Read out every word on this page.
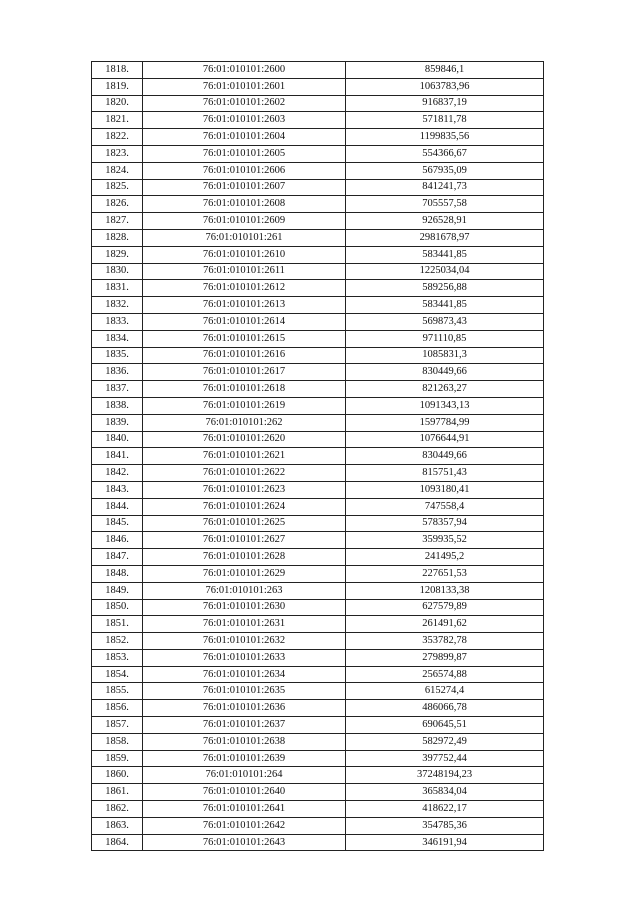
1818.	76:01:010101:2600	859846,1
1819.	76:01:010101:2601	1063783,96
1820.	76:01:010101:2602	916837,19
1821.	76:01:010101:2603	571811,78
1822.	76:01:010101:2604	1199835,56
1823.	76:01:010101:2605	554366,67
1824.	76:01:010101:2606	567935,09
1825.	76:01:010101:2607	841241,73
1826.	76:01:010101:2608	705557,58
1827.	76:01:010101:2609	926528,91
1828.	76:01:010101:261	2981678,97
1829.	76:01:010101:2610	583441,85
1830.	76:01:010101:2611	1225034,04
1831.	76:01:010101:2612	589256,88
1832.	76:01:010101:2613	583441,85
1833.	76:01:010101:2614	569873,43
1834.	76:01:010101:2615	971110,85
1835.	76:01:010101:2616	1085831,3
1836.	76:01:010101:2617	830449,66
1837.	76:01:010101:2618	821263,27
1838.	76:01:010101:2619	1091343,13
1839.	76:01:010101:262	1597784,99
1840.	76:01:010101:2620	1076644,91
1841.	76:01:010101:2621	830449,66
1842.	76:01:010101:2622	815751,43
1843.	76:01:010101:2623	1093180,41
1844.	76:01:010101:2624	747558,4
1845.	76:01:010101:2625	578357,94
1846.	76:01:010101:2627	359935,52
1847.	76:01:010101:2628	241495,2
1848.	76:01:010101:2629	227651,53
1849.	76:01:010101:263	1208133,38
1850.	76:01:010101:2630	627579,89
1851.	76:01:010101:2631	261491,62
1852.	76:01:010101:2632	353782,78
1853.	76:01:010101:2633	279899,87
1854.	76:01:010101:2634	256574,88
1855.	76:01:010101:2635	615274,4
1856.	76:01:010101:2636	486066,78
1857.	76:01:010101:2637	690645,51
1858.	76:01:010101:2638	582972,49
1859.	76:01:010101:2639	397752,44
1860.	76:01:010101:264	37248194,23
1861.	76:01:010101:2640	365834,04
1862.	76:01:010101:2641	418622,17
1863.	76:01:010101:2642	354785,36
1864.	76:01:010101:2643	346191,94
